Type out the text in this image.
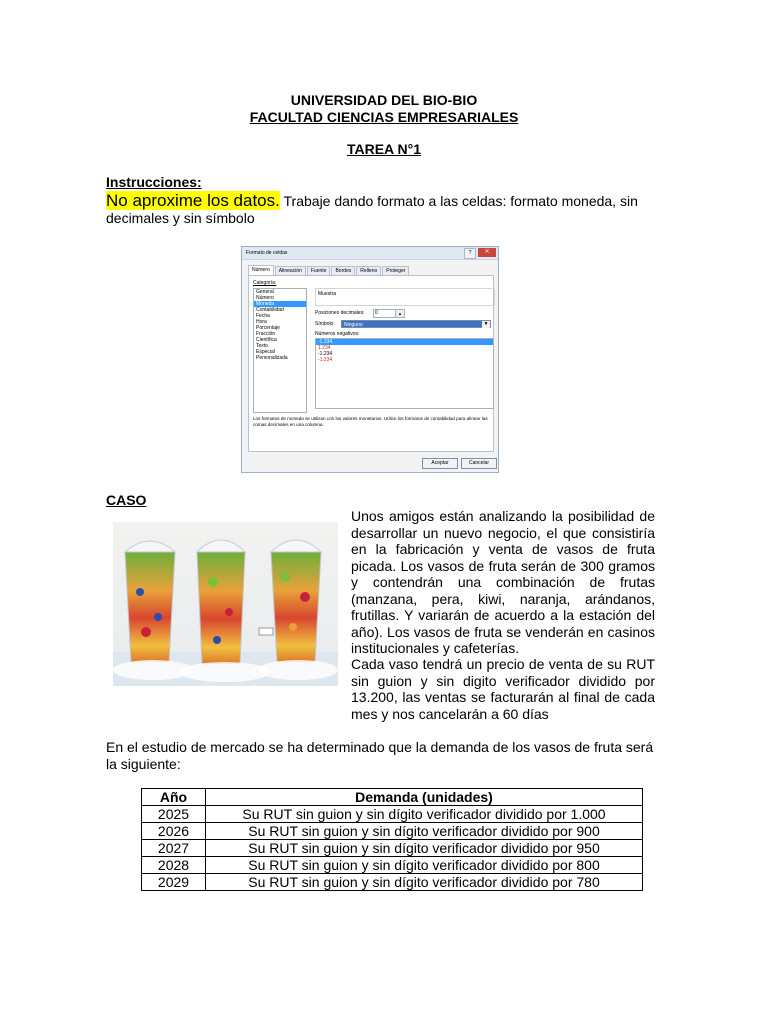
UNIVERSIDAD DEL BIO-BIO
FACULTAD CIENCIAS EMPRESARIALES
TAREA N°1
Instrucciones:
No aproxime los datos. Trabaje dando formato a las celdas: formato moneda, sin decimales y sin símbolo
Formato de celdas	?	✕
Número Alineación Fuente Bordes Relleno Proteger
Categoría:
General
Número
Moneda
Contabilidad
Fecha
Hora
Porcentaje
Fracción
Científica
Texto
Especial
Personalizada
Muestra
Posiciones decimales:	0	▲
Símbolo:	Ninguno	▼
Números negativos:
-1.234
1.234
-1.234
-1.234
Los formatos de moneda se utilizan con los valores monetarios. Utilice los formatos de contabilidad para alinear las comas decimales en una columna.
Aceptar	Cancelar
CASO
Unos amigos están analizando la posibilidad de desarrollar un nuevo negocio, el que consistiría en la fabricación y venta de vasos de fruta picada. Los vasos de fruta serán de 300 gramos y contendrán una combinación de frutas (manzana, pera, kiwi, naranja, arándanos, frutillas. Y variarán de acuerdo a la estación del año). Los vasos de fruta se venderán en casinos institucionales y cafeterías.
Cada vaso tendrá un precio de venta de su RUT sin guion y sin digito verificador dividido por 13.200, las ventas se facturarán al final de cada mes y nos cancelarán a 60 días
En el estudio de mercado se ha determinado que la demanda de los vasos de fruta será la siguiente:
Año	Demanda (unidades)
2025	Su RUT sin guion y sin dígito verificador dividido por 1.000
2026	Su RUT sin guion y sin dígito verificador dividido por 900
2027	Su RUT sin guion y sin dígito verificador dividido por 950
2028	Su RUT sin guion y sin dígito verificador dividido por 800
2029	Su RUT sin guion y sin dígito verificador dividido por 780
